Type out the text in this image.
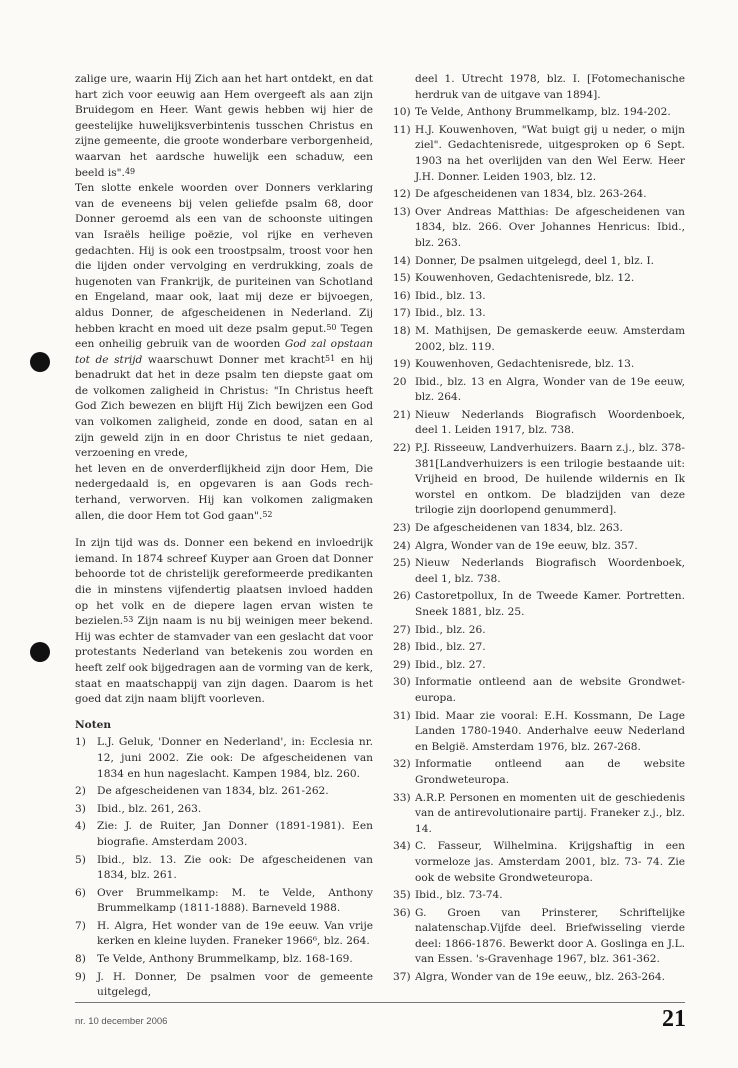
zalige ure, waarin Hij Zich aan het hart ontdekt, en dat hart zich voor eeuwig aan Hem overgeeft als aan zijn Bruidegom en Heer. Want gewis hebben wij hier de geestelijke huwelijksverbintenis tusschen Christus en zijne gemeente, die groote wonderbare verborgenheid, waarvan het aardsche huwelijk een schaduw, een beeld is".$^{49}$

Ten slotte enkele woorden over Donners verklaring van de eveneens bij velen geliefde psalm 68, door Donner geroemd als een van de schoonste uitingen van Israëls heilige poëzie, vol rijke en verheven gedachten. Hij is ook een troostpsalm, troost voor hen die lijden onder vervolging en verdrukking, zoals de hugenoten van Frankrijk, de puriteinen van Schotland en Engeland, maar ook, laat mij deze er bijvoegen, aldus Donner, de afgescheidenen in Nederland. Zij hebben kracht en moed uit deze psalm geput.$^{50}$ Tegen een onheilig gebruik van de woorden God zal opstaan tot de strijd waarschuwt Donner met kracht$^{51}$ en hij benadrukt dat het in deze psalm ten diepste gaat om de volkomen zaligheid in Christus: "In Christus heeft God Zich bewezen en blijft Hij Zich bewijzen een God van volkomen zaligheid, zonde en dood, satan en al zijn geweld zijn in en door Christus te niet gedaan, verzoening en vrede,

het leven en de onverderflijkheid zijn door Hem, Die nedergedaald is, en opgevaren is aan Gods rechterhand, verworven. Hij kan volkomen zaligmaken allen, die door Hem tot God gaan".$^{52}$

In zijn tijd was ds. Donner een bekend en invloedrijk iemand. In 1874 schreef Kuyper aan Groen dat Donner behoorde tot de christelijk gereformeerde predikanten die in minstens vijfendertig plaatsen invloed hadden op het volk en de diepere lagen ervan wisten te bezielen.$^{53}$ Zijn naam is nu bij weinigen meer bekend. Hij was echter de stamvader van een geslacht dat voor protestants Nederland van betekenis zou worden en heeft zelf ook bijgedragen aan de vorming van de kerk, staat en maatschappij van zijn dagen. Daarom is het goed dat zijn naam blijft voorleven.

Noten
1) L.J. Geluk, 'Donner en Nederland', in: Ecclesia nr. 12, juni 2002. Zie ook: De afgescheidenen van 1834 en hun nageslacht. Kampen 1984, blz. 260.
2) De afgescheidenen van 1834, blz. 261-262.
3) Ibid., blz. 261, 263.
4) Zie: J. de Ruiter, Jan Donner (1891-1981). Een biografie. Amsterdam 2003.
5) Ibid., blz. 13. Zie ook: De afgescheidenen van 1834, blz. 261.
6) Over Brummelkamp: M. te Velde, Anthony Brummelkamp (1811-1888). Barneveld 1988.
7) H. Algra, Het wonder van de 19e eeuw. Van vrije kerken en kleine luyden. Franeker 1966⁶, blz. 264.
8) Te Velde, Anthony Brummelkamp, blz. 168-169.
9) J. H. Donner, De psalmen voor de gemeente uitgelegd,
deel 1. Utrecht 1978, blz. I. [Fotomechanische herdruk van de uitgave van 1894].
10) Te Velde, Anthony Brummelkamp, blz. 194-202.
11) H.J. Kouwenhoven, "Wat buigt gij u neder, o mijn ziel". Gedachtenisrede, uitgesproken op 6 Sept. 1903 na het overlijden van den Wel Eerw. Heer J.H. Donner. Leiden 1903, blz. 12.
12) De afgescheidenen van 1834, blz. 263-264.
13) Over Andreas Matthias: De afgescheidenen van 1834, blz. 266. Over Johannes Henricus: Ibid., blz. 263.
14) Donner, De psalmen uitgelegd, deel 1, blz. I.
15) Kouwenhoven, Gedachtenisrede, blz. 12.
16) Ibid., blz. 13.
17) Ibid., blz. 13.
18) M. Mathijsen, De gemaskerde eeuw. Amsterdam 2002, blz. 119.
19) Kouwenhoven, Gedachtenisrede, blz. 13.
20 Ibid., blz. 13 en Algra, Wonder van de 19e eeuw, blz. 264.
21) Nieuw Nederlands Biografisch Woordenboek, deel 1. Leiden 1917, blz. 738.
22) P.J. Risseeuw, Landverhuizers. Baarn z.j., blz. 378-381[Landverhuizers is een trilogie bestaande uit: Vrijheid en brood, De huilende wildernis en Ik worstel en ontkom. De bladzijden van deze trilogie zijn doorlopend genummerd].
23) De afgescheidenen van 1834, blz. 263.
24) Algra, Wonder van de 19e eeuw, blz. 357.
25) Nieuw Nederlands Biografisch Woordenboek, deel 1, blz. 738.
26) Castoretpollux, In de Tweede Kamer. Portretten. Sneek 1881, blz. 25.
27) Ibid., blz. 26.
28) Ibid., blz. 27.
29) Ibid., blz. 27.
30) Informatie ontleend aan de website Grondweteuropa.
31) Ibid. Maar zie vooral: E.H. Kossmann, De Lage Landen 1780-1940. Anderhalve eeuw Nederland en België. Amsterdam 1976, blz. 267-268.
32) Informatie ontleend aan de website Grondweteuropa.
33) A.R.P. Personen en momenten uit de geschiedenis van de antirevolutionaire partij. Franeker z.j., blz. 14.
34) C. Fasseur, Wilhelmina. Krijgshaftig in een vormeloze jas. Amsterdam 2001, blz. 73- 74. Zie ook de website Grondweteuropa.
35) Ibid., blz. 73-74.
36) G. Groen van Prinsterer, Schriftelijke nalatenschap.Vijfde deel. Briefwisseling vierde deel: 1866-1876. Bewerkt door A. Goslinga en J.L. van Essen. 's-Gravenhage 1967, blz. 361-362.
37) Algra, Wonder van de 19e eeuw,, blz. 263-264.
nr. 10 december 2006	21
